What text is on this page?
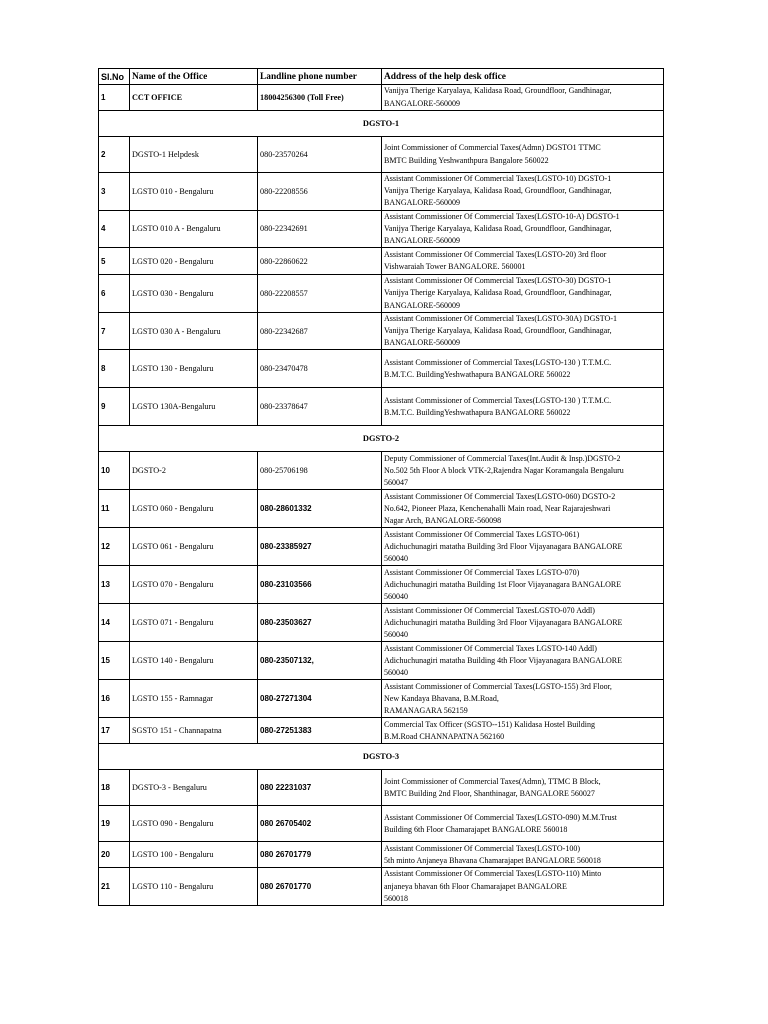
Sl.No	Name of the Office	Landline phone number	Address of the help desk office
1	CCT OFFICE	18004256300 (Toll Free)	Vanijya Therige Karyalaya, Kalidasa Road, Groundfloor, Gandhinagar,
BANGALORE-560009
DGSTO-1			
2	DGSTO-1 Helpdesk	080-23570264	Joint Commissioner of Commercial Taxes(Admn) DGSTO1 TTMC
BMTC Building Yeshwanthpura Bangalore 560022
3	LGSTO 010 - Bengaluru	080-22208556	Assistant Commissioner Of Commercial Taxes(LGSTO-10) DGSTO-1
Vanijya Therige Karyalaya, Kalidasa Road, Groundfloor, Gandhinagar,
BANGALORE-560009
4	LGSTO 010 A - Bengaluru	080-22342691	Assistant Commissioner Of Commercial Taxes(LGSTO-10-A) DGSTO-1
Vanijya Therige Karyalaya, Kalidasa Road, Groundfloor, Gandhinagar,
BANGALORE-560009
5	LGSTO 020 - Bengaluru	080-22860622	Assistant Commissioner Of Commercial Taxes(LGSTO-20) 3rd floor
Vishwaraiah Tower BANGALORE. 560001
6	LGSTO 030 - Bengaluru	080-22208557	Assistant Commissioner Of Commercial Taxes(LGSTO-30) DGSTO-1
Vanijya Therige Karyalaya, Kalidasa Road, Groundfloor, Gandhinagar,
BANGALORE-560009
7	LGSTO 030 A - Bengaluru	080-22342687	Assistant Commissioner Of Commercial Taxes(LGSTO-30A) DGSTO-1
Vanijya Therige Karyalaya, Kalidasa Road, Groundfloor, Gandhinagar,
BANGALORE-560009
8	LGSTO 130 - Bengaluru	080-23470478	Assistant Commissioner of Commercial Taxes(LGSTO-130 ) T.T.M.C.
B.M.T.C. BuildingYeshwathapura BANGALORE 560022
9	LGSTO 130A-Bengaluru	080-23378647	Assistant Commissioner of Commercial Taxes(LGSTO-130 ) T.T.M.C.
B.M.T.C. BuildingYeshwathapura BANGALORE 560022
DGSTO-2			
10	DGSTO-2	080-25706198	Deputy Commissioner of Commercial Taxes(Int.Audit & Insp.)DGSTO-2
No.502 5th Floor A block VTK-2,Rajendra Nagar Koramangala Bengaluru
560047
11	LGSTO 060 - Bengaluru	080-28601332	Assistant Commissioner Of Commercial Taxes(LGSTO-060) DGSTO-2
No.642, Pioneer Plaza, Kenchenahalli Main road, Near Rajarajeshwari
Nagar Arch, BANGALORE-560098
12	LGSTO 061 - Bengaluru	080-23385927	Assistant Commissioner Of Commercial Taxes LGSTO-061)
Adichuchunagiri matatha Building 3rd Floor Vijayanagara BANGALORE
560040
13	LGSTO 070 - Bengaluru	080-23103566	Assistant Commissioner Of Commercial Taxes LGSTO-070)
Adichuchunagiri matatha Building 1st Floor Vijayanagara BANGALORE
560040
14	LGSTO 071 - Bengaluru	080-23503627	Assistant Commissioner Of Commercial TaxesLGSTO-070 Addl)
Adichuchunagiri matatha Building 3rd Floor Vijayanagara BANGALORE
560040
15	LGSTO 140 - Bengaluru	080-23507132,	Assistant Commissioner Of Commercial Taxes LGSTO-140 Addl)
Adichuchunagiri matatha Building 4th Floor Vijayanagara BANGALORE
560040
16	LGSTO 155 - Ramnagar	080-27271304	Assistant Commissioner of Commercial Taxes(LGSTO-155) 3rd Floor,
New Kandaya Bhavana, B.M.Road,
RAMANAGARA 562159
17	SGSTO 151 - Channapatna	080-27251383	Commercial Tax Officer (SGSTO--151) Kalidasa Hostel Building
B.M.Road CHANNAPATNA 562160
DGSTO-3			
18	DGSTO-3 - Bengaluru	080 22231037	Joint Commissioner of Commercial Taxes(Admn), TTMC B Block,
BMTC Building 2nd Floor, Shanthinagar, BANGALORE 560027
19	LGSTO 090 - Bengaluru	080 26705402	Assistant Commissioner Of Commercial Taxes(LGSTO-090) M.M.Trust
Building 6th Floor Chamarajapet BANGALORE 560018
20	LGSTO 100 - Bengaluru	080 26701779	Assistant Commissioner Of Commercial Taxes(LGSTO-100)
5th minto Anjaneya Bhavana Chamarajapet BANGALORE 560018
21	LGSTO 110 - Bengaluru	080 26701770	Assistant Commissioner Of Commercial Taxes(LGSTO-110) Minto
anjaneya bhavan 6th Floor Chamarajapet BANGALORE
560018
